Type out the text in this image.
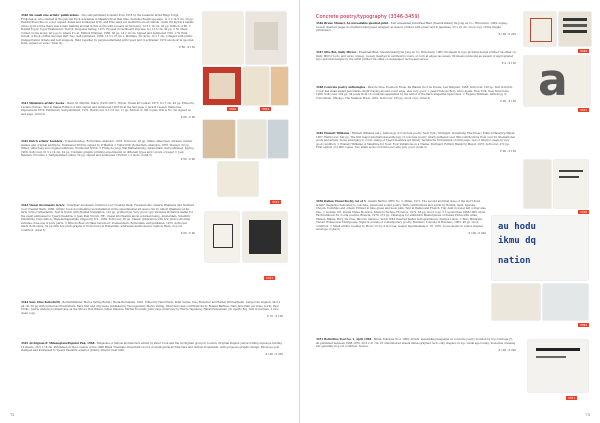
3340 Six small size artists’ publications - Two self-published booklets from 1978 by the Icelandic artist Helgi Torgil Fridjonsson, who studied at the Jan van Eyck Academie in Maastricht at that time. Includes Regnboga-saga. 11.5 x 14.5 cm, 20 pp. Handwritten title on cover, signed, dated and numbered 9/18, and Eins samt sur maðurinn um að standa - hann vill myndi á bakinu (Once upon a time there was a man walking around in this world with a board on his back). 12.5 x 14 cm, 20 pp. Edition of 80. = Roland Topor, Topor Phalluscult. Zurich, Diogenes Verlag, 1975. Housed in cardboard slipcase, 9 x 13.5 cm, 30 pp. = M. Mack Cutner, Come along; let’s go to where it’s at. Edition Kümmel, 1966. 56 pp. 14 x 10 cm. Signed and numbered 7/50. = W. Emil Schult, A Book of Man Secured Part Two. Self-published, 1969. 13.5 x 13 cm + Multiple, 30 cards, 10 x 7 cm, collaged with public transportation tickets and text snippets. Held together by purple letterband with typed text: h.schramer, 1970 encolour te quochet kolin, signed on verso. Total (6)
€ 80 - € 150
3341 Miniature artists’ books - Stelio M. Martini, Diario (1935-1957). Tripoli, Visual art Center, 1975. 9 x 7 cm, 40 pp. Edited by Luciano Caruso. Text in Italian Edition of 200, signed and numbered 108/150 at the last page = Jack B Leeven, Walte Dez Impressions 1879. Eshhuizen, Self-published, 1972. Hardcover, 9.5 x 6 cm, 11 pp. Edition of 100 copies, this is No. 50, signed on last page. (total 2)
€ 60 - € 90
3342 Dutch artists’ booklets - Tomatomushop. Rotterdam, Abandon, 1978. Softcover, 28 pp. Offset, silkscreen, stickers, rubber stamps and original additions. Numbered 28/150, signed by D’Marten = Tijdschrift. Rotterdam, Abandon, 1978. Stapled, 32 pp. Offset, silkscreen and original additions. Numbered 8/250. = Frans de Jong, Wat Blafseheming. Amsterdam, Self published, Spring 1966. Softcover, 21.5 x 14 cm, 24 pp. Contains graphic printing experiments on different types and colours of paper = Joep Bekmen, Excursie 1. Selfpublished cahier, 52 pp, signed and numbered 125/250 = 2 more. (total 5)
€ 60 - € 90
3343 Visual documents in b/w - Interimar Anonniem, Instituut voor Creatief Werk, Fiestenwolde, Galerie Waalkens and Instituut voor Creatief Werk, 1968. Artists’ book documenting an installation in the experimental art space run by Albert Waalkens at his farm in the Netherlands. Text in Dutch with English translation, 122 pp. printed b/w. Very good copy. Includes invitation leaflet for the event addressed to Tjeerd Deelstra. = Jean Paul Vroom, HE - visual information about a human being. Amsterdam, Scientific Publishing Corporation / Wetenschappelijke Uitgeverij N.V., 1969. Softcover, 56 pp. Classic publication with b/w photos showing extreme close-ups of body parts. = Wim de Boer en Hans Verschoor, Voedsenbern. Rotterdam, self-published, 1973. Softcover, black cloth spine, 52 pp with b/w photographs of front doors in Rotterdam, addresses mentioned in caption. Rare, in good condition. (total 3)
€ 60 - € 90
3344 Solo. Eine Zeitschrift - Berlin/Münster, Merve Verlag Berlin / Rosta-Buchladen, 1981. Edited by Heidi Paris, Peter Gente, Uwe Fleischer and Rainer Wörnerhielm. Large folio stapled, 34.5 x 24 cm, 56 pp with numerous illustrations. Rare first and only issue published by the legendary Merve Verlag. Interviews and contributions by Roland Barthes, Nam June Paik (on video work), Paul Virilio, Laurie Anderson (Americans on the Move), Bob Wilson, Gilles Deleuze, Michel Foucault, John Cage (interview by Pierre Taguiere), Harald Szeemann (on Aperto 80). Text in German. A nice clean copy.
€ 70 - € 100
3345 Archigram 8: Milanogram/Popular Pak, 1968 - Magazine of radical architecture edited by Peter Cook and the Archigram group in London. Original stapled yellow folding envelope holding 10 sheets, 26.5 x 16 cm. Published on the occasion of the 1968 Milan Triennale. Important record of avant-garde architecture and radical utopianism, with gorgeous graphic design. Envelope post stamped and addressed to Tjeerd Deelstra; exterior grubby, interior near mint.
€ 100 - € 200
3340	3341
3342
3343
72	73
Concrete poetry/typography (3346-3459)
3346 Bruno Munari, An unreadable quadrat-print - Een onleesbaar Kwadraat-Blad. Steendrukkerij De Jong en Co., Hilversum, 1964, unpag., loosely inserted pages in original folded paper wrapper, as issued, printed with green text in Japanese, 25 x 25 cm. Good copy of this fragile publication.
€ 100 - € 200
3347 Otto Rot, Daily Mirror - Kwadraat-Blad, Steendrukkerij De Jong en Co, Hilversum, 1965, 60 sheets in typo-pictorial design printed via offset on Daily Mirror recto and verso, unpag., loosely inserted in cardboard covers, sl. torn at edges (as usual). 60 sheets (unbound as issued) of appropriated typo-pictorial designs by the artist printed via offset on newspaper rectos and versos.
€ 4 - € 150
3348 Concrete poetry anthologies - Paul de Vree, Poezie in Fusie. De Bladen Voor de Poezie, Lier Belgium, 1968. Softcover, 128 pp. Text in Dutch. Cover has small added pen marks, slight fraying around cover edge, else very good. = Jean-François Bory, Once Again. New York, New Directions, 1968. Softcover, 124 pp. 34 poets from 10 countries assembled by the editor of the Paris magazine Approches. = Eugene Wildman, Anthology of Concretism. Chicago, The Swallow Press, 1970. Softcover, 165 pp. Good copy. (total 3)
€ 90 - € 150
3349 Emmett Williams - Emmett Williams (ed.), Anthology of Concrete poetry. New York / Stuttgart, Something Else Press / Edition Hansjörg Mayer, 1967. Hardcover, 342 pp. The first major international anthology of concrete poetry, which gathered over 300 contributions from over 20 international poets and artists. Some smudging to cover, stamp of Tjeerd Deelstra art library Technische Universiteit on first page, rest of interior clean, in very good condition. = Emmett Williams, A Valentine for Noel: Four Variations on a Theme. Stuttgart, Edition Hansjörg Mayer, 1973. Softcover, 272 pp. First edition of 2.000 copies. Two small spots on frontcover, else very good. (total 2)
€ 90 - € 150
3350 Italian Visual Poetry, lot of 5 - Gianni Bertini, MEC No. 2. Milan, 1971. The second and final issue of the short-lived artists’ magazine dedicated to concrete, visual and sound poetry. With contributions and works by Bertini, Gerz, Spatola, Chopin, Toshihiko and others. Printed in lime green and neon pink. Text in Italian and French. Tiny dent in lower left corner else fine. = Luciano Ori, Poesia Visiva Florence, Edizioni Téchne, Florence, 1972. 48 pp. Good copy. = Logomotives 1963-1983, Illusi, Factotumbook 32 / Lotta poetica, Brescia, 1979. 272 pp. Catalogue for exhibition Masterpieces of Poesia Visiva with Arias-Misson, Blaine, Bory, De Vree, Miccini, Sarenco, Verdi. With inserted leaflet Sottogramma by Dennys Liuzzi. = Enzo Minarelli, Visioni Vivaiaccese Visivipoesie. Signs & sounds of contemporary poetry. Bondeno, Comune di Bondeno, 1983. 48 pp. Good condition. = Small artists’ booklet by Ptoni / Cv by d.m.roosa. Geiger Sperimentale n. 18, 1970. Loose sheets in yellow stapled envelope. (total 5)
€ 100 - € 200
3351 Bollettino Tool No. 1, April 1968 - Milan, Edizione Tool, 1968. Artists’ assembling magazine on concrete poetry founded by Ugo Carrega (*), all published between 1968-1970. 29.5 x 21 cm, 25 unnumbered sheets mimeographed recto only, stapled on top. Usual age toning, moderate creasing but generally in good condition. Scarce.
€ 100 - € 200
3346
a
3347
3348
au hodu
ikmu dq
nation
3350
3351
